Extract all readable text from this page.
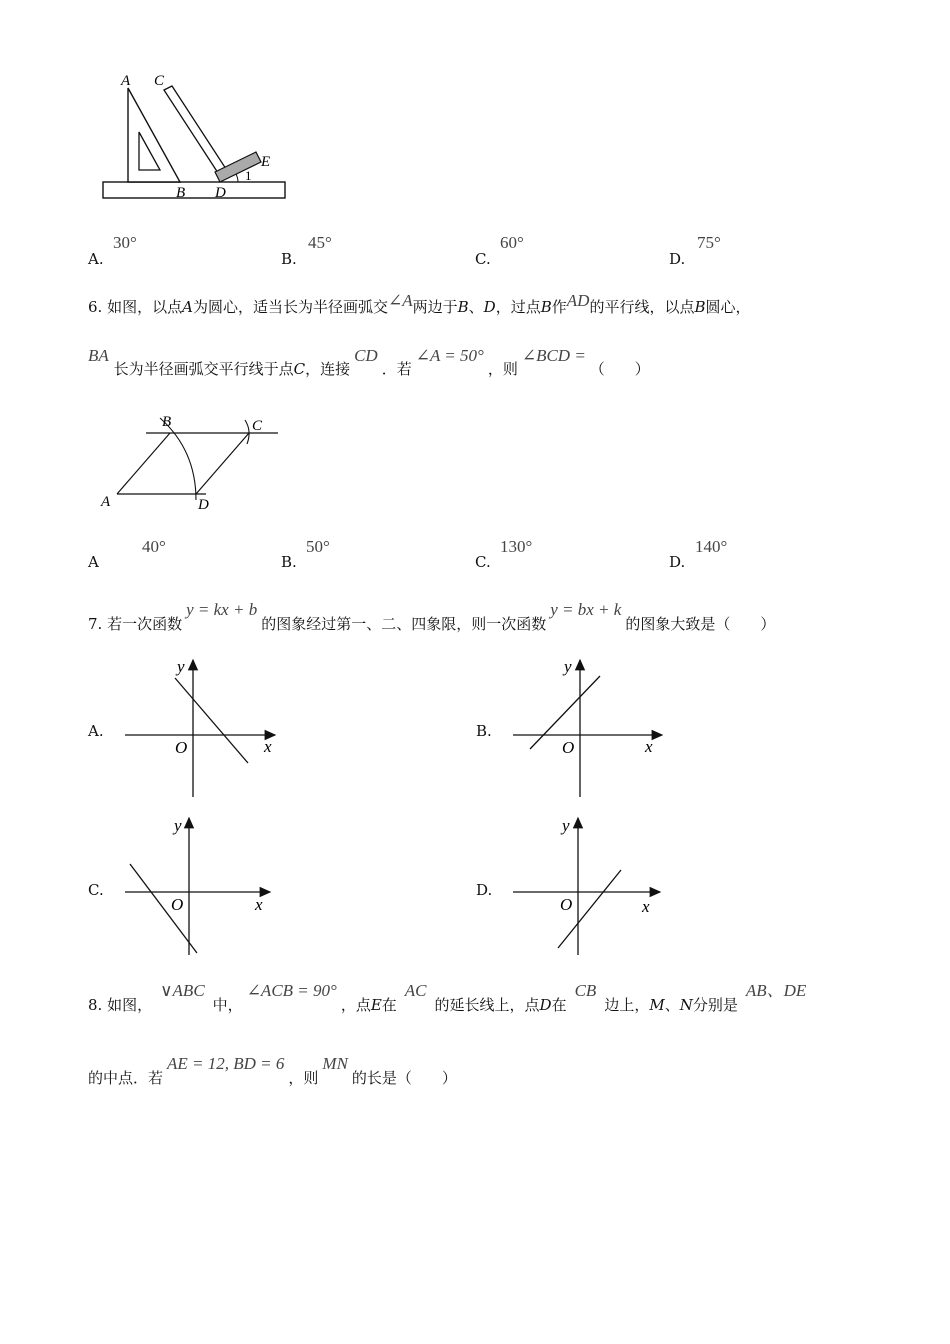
A C
E
1
B D
A.
30°
B.
45°
C.
60°
D.
75°
6. 如图，以点A为圆心，适当长为半径画弧交∠A两边于B、D，过点B作AD的平行线，以点B圆心，
BA 长为半径画弧交平行线于点C，连接CD．若∠A = 50°，则∠BCD =（　　）
B	C
A	D
A
40°
B.
50°
C.
130°
D.
140°
7. 若一次函数y = kx + b的图象经过第一、二、四象限，则一次函数y = bx + k的图象大致是（　　）
A.	B.
C.	D.
y
O	x
y
O	x
y
O	x
y
O	x
8. 如图，∨ABC中，∠ACB = 90°，点E在AC的延长线上，点D在CB边上，M、N分别是AB、DE
的中点．若AE = 12, BD = 6，则MN的长是（　　）
